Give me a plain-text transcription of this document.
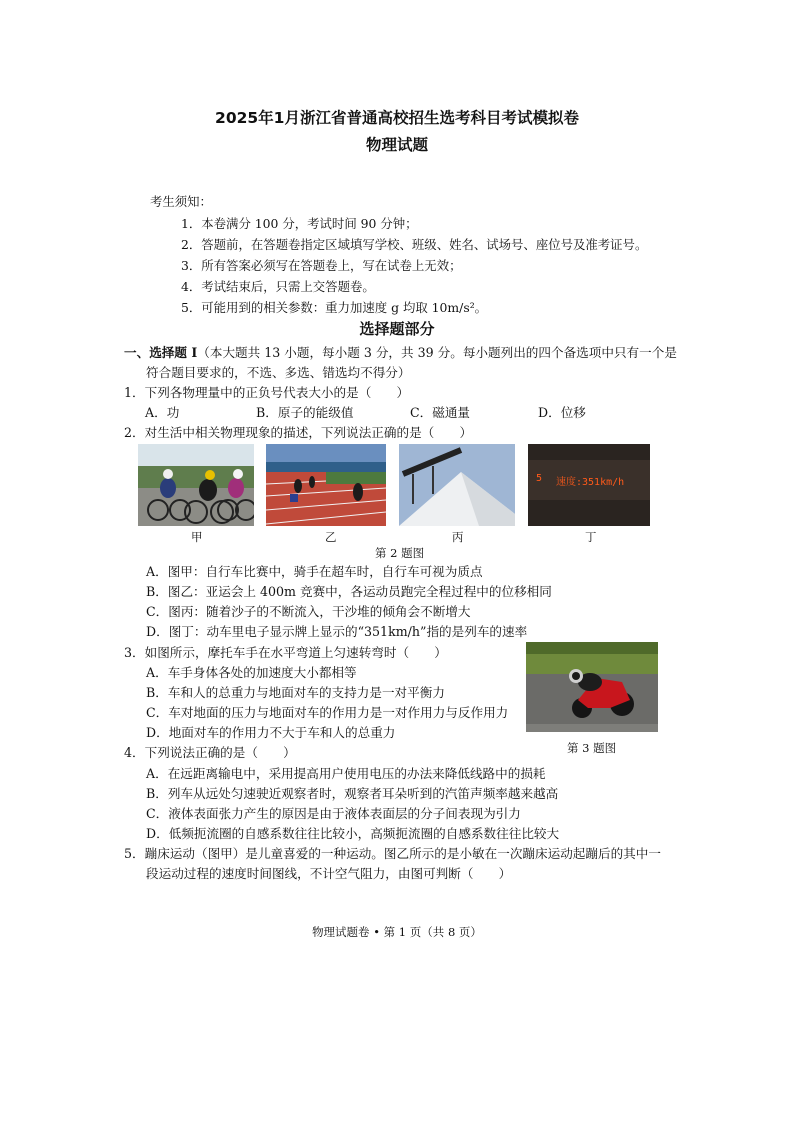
2025年1月浙江省普通高校招生选考科目考试模拟卷
物理试题
考生须知：
1．本卷满分 100 分，考试时间 90 分钟；
2．答题前，在答题卷指定区域填写学校、班级、姓名、试场号、座位号及准考证号。
3．所有答案必须写在答题卷上，写在试卷上无效；
4．考试结束后，只需上交答题卷。
5．可能用到的相关参数：重力加速度 g 均取 10m/s²。
选择题部分
一、选择题 I（本大题共 13 小题，每小题 3 分，共 39 分。每小题列出的四个备选项中只有一个是
符合题目要求的，不选、多选、错选均不得分）
1．下列各物理量中的正负号代表大小的是（　　）
A．功	B．原子的能级值	C．磁通量	D．位移
2．对生活中相关物理现象的描述，下列说法正确的是（　　）
5 速度:351km/h
甲	乙	丙	丁
第 2 题图
A．图甲：自行车比赛中，骑手在超车时，自行车可视为质点
B．图乙：亚运会上 400m 竞赛中，各运动员跑完全程过程中的位移相同
C．图丙：随着沙子的不断流入，干沙堆的倾角会不断增大
D．图丁：动车里电子显示牌上显示的“351km/h”指的是列车的速率
3．如图所示，摩托车手在水平弯道上匀速转弯时（　　）
A．车手身体各处的加速度大小都相等
B．车和人的总重力与地面对车的支持力是一对平衡力
C．车对地面的压力与地面对车的作用力是一对作用力与反作用力
D．地面对车的作用力不大于车和人的总重力
第 3 题图
4．下列说法正确的是（　　）
A．在远距离输电中，采用提高用户使用电压的办法来降低线路中的损耗
B．列车从远处匀速驶近观察者时，观察者耳朵听到的汽笛声频率越来越高
C．液体表面张力产生的原因是由于液体表面层的分子间表现为引力
D．低频扼流圈的自感系数往往比较小，高频扼流圈的自感系数往往比较大
5．蹦床运动（图甲）是儿童喜爱的一种运动。图乙所示的是小敏在一次蹦床运动起蹦后的其中一
段运动过程的速度时间图线，不计空气阻力，由图可判断（　　）
物理试题卷 • 第 1 页（共 8 页）
